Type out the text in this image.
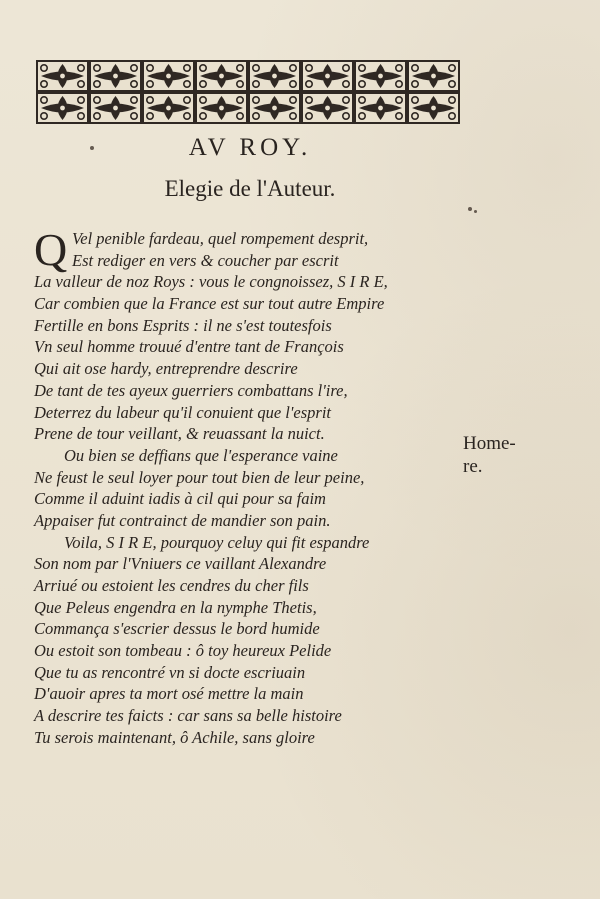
AV ROY.
Elegie de l'Auteur.
Q Vel penible fardeau, quel rompement desprit,
Est rediger en vers & coucher par escrit
La valleur de noz Roys : vous le congnoissez, S I R E,
Car combien que la France est sur tout autre Empire
Fertille en bons Esprits : il ne s'est toutesfois
Vn seul homme trouué d'entre tant de François
Qui ait ose hardy, entreprendre descrire
De tant de tes ayeux guerriers combattans l'ire,
Deterrez du labeur qu'il conuient que l'esprit
Prene de tour veillant, & reuassant la nuict.
Ou bien se deffians que l'esperance vaine
Ne feust le seul loyer pour tout bien de leur peine,
Comme il aduint iadis à cil qui pour sa faim
Appaiser fut contrainct de mandier son pain.
Voila, S I R E, pourquoy celuy qui fit espandre
Son nom par l'Vniuers ce vaillant Alexandre
Arriué ou estoient les cendres du cher fils
Que Peleus engendra en la nymphe Thetis,
Commança s'escrier dessus le bord humide
Ou estoit son tombeau : ô toy heureux Pelide
Que tu as rencontré vn si docte escriuain
D'auoir apres ta mort osé mettre la main
A descrire tes faicts : car sans sa belle histoire
Tu serois maintenant, ô Achile, sans gloire
Home-
re.
